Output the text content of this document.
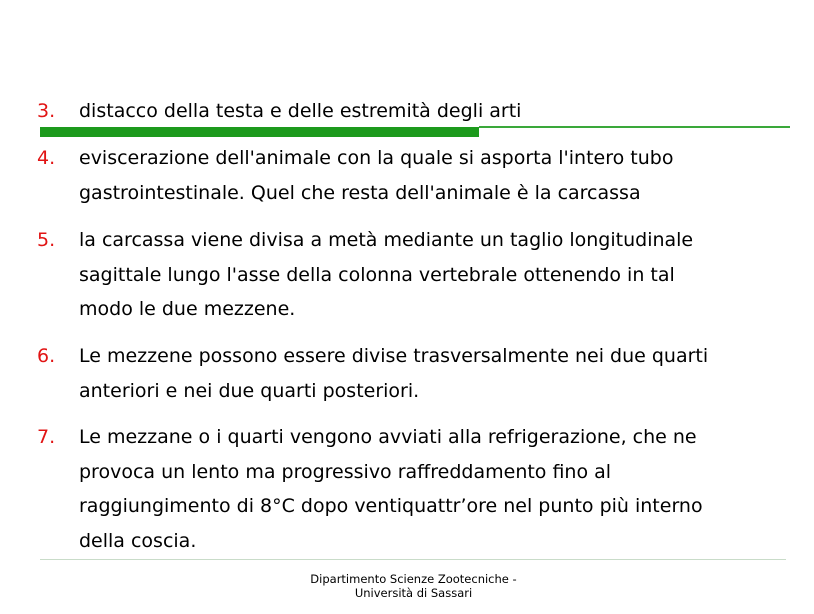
3. distacco della testa e delle estremità degli arti
4. eviscerazione dell'animale con la quale si asporta l'intero tubo
gastrointestinale. Quel che resta dell'animale è la carcassa
5. la carcassa viene divisa a metà mediante un taglio longitudinale
sagittale lungo l'asse della colonna vertebrale ottenendo in tal
modo le due mezzene.
6. Le mezzene possono essere divise trasversalmente nei due quarti
anteriori e nei due quarti posteriori.
7. Le mezzane o i quarti vengono avviati alla refrigerazione, che ne
provoca un lento ma progressivo raffreddamento fino al
raggiungimento di 8°C dopo ventiquattr’ore nel punto più interno
della coscia.
Dipartimento Scienze Zootecniche -
Università di Sassari
